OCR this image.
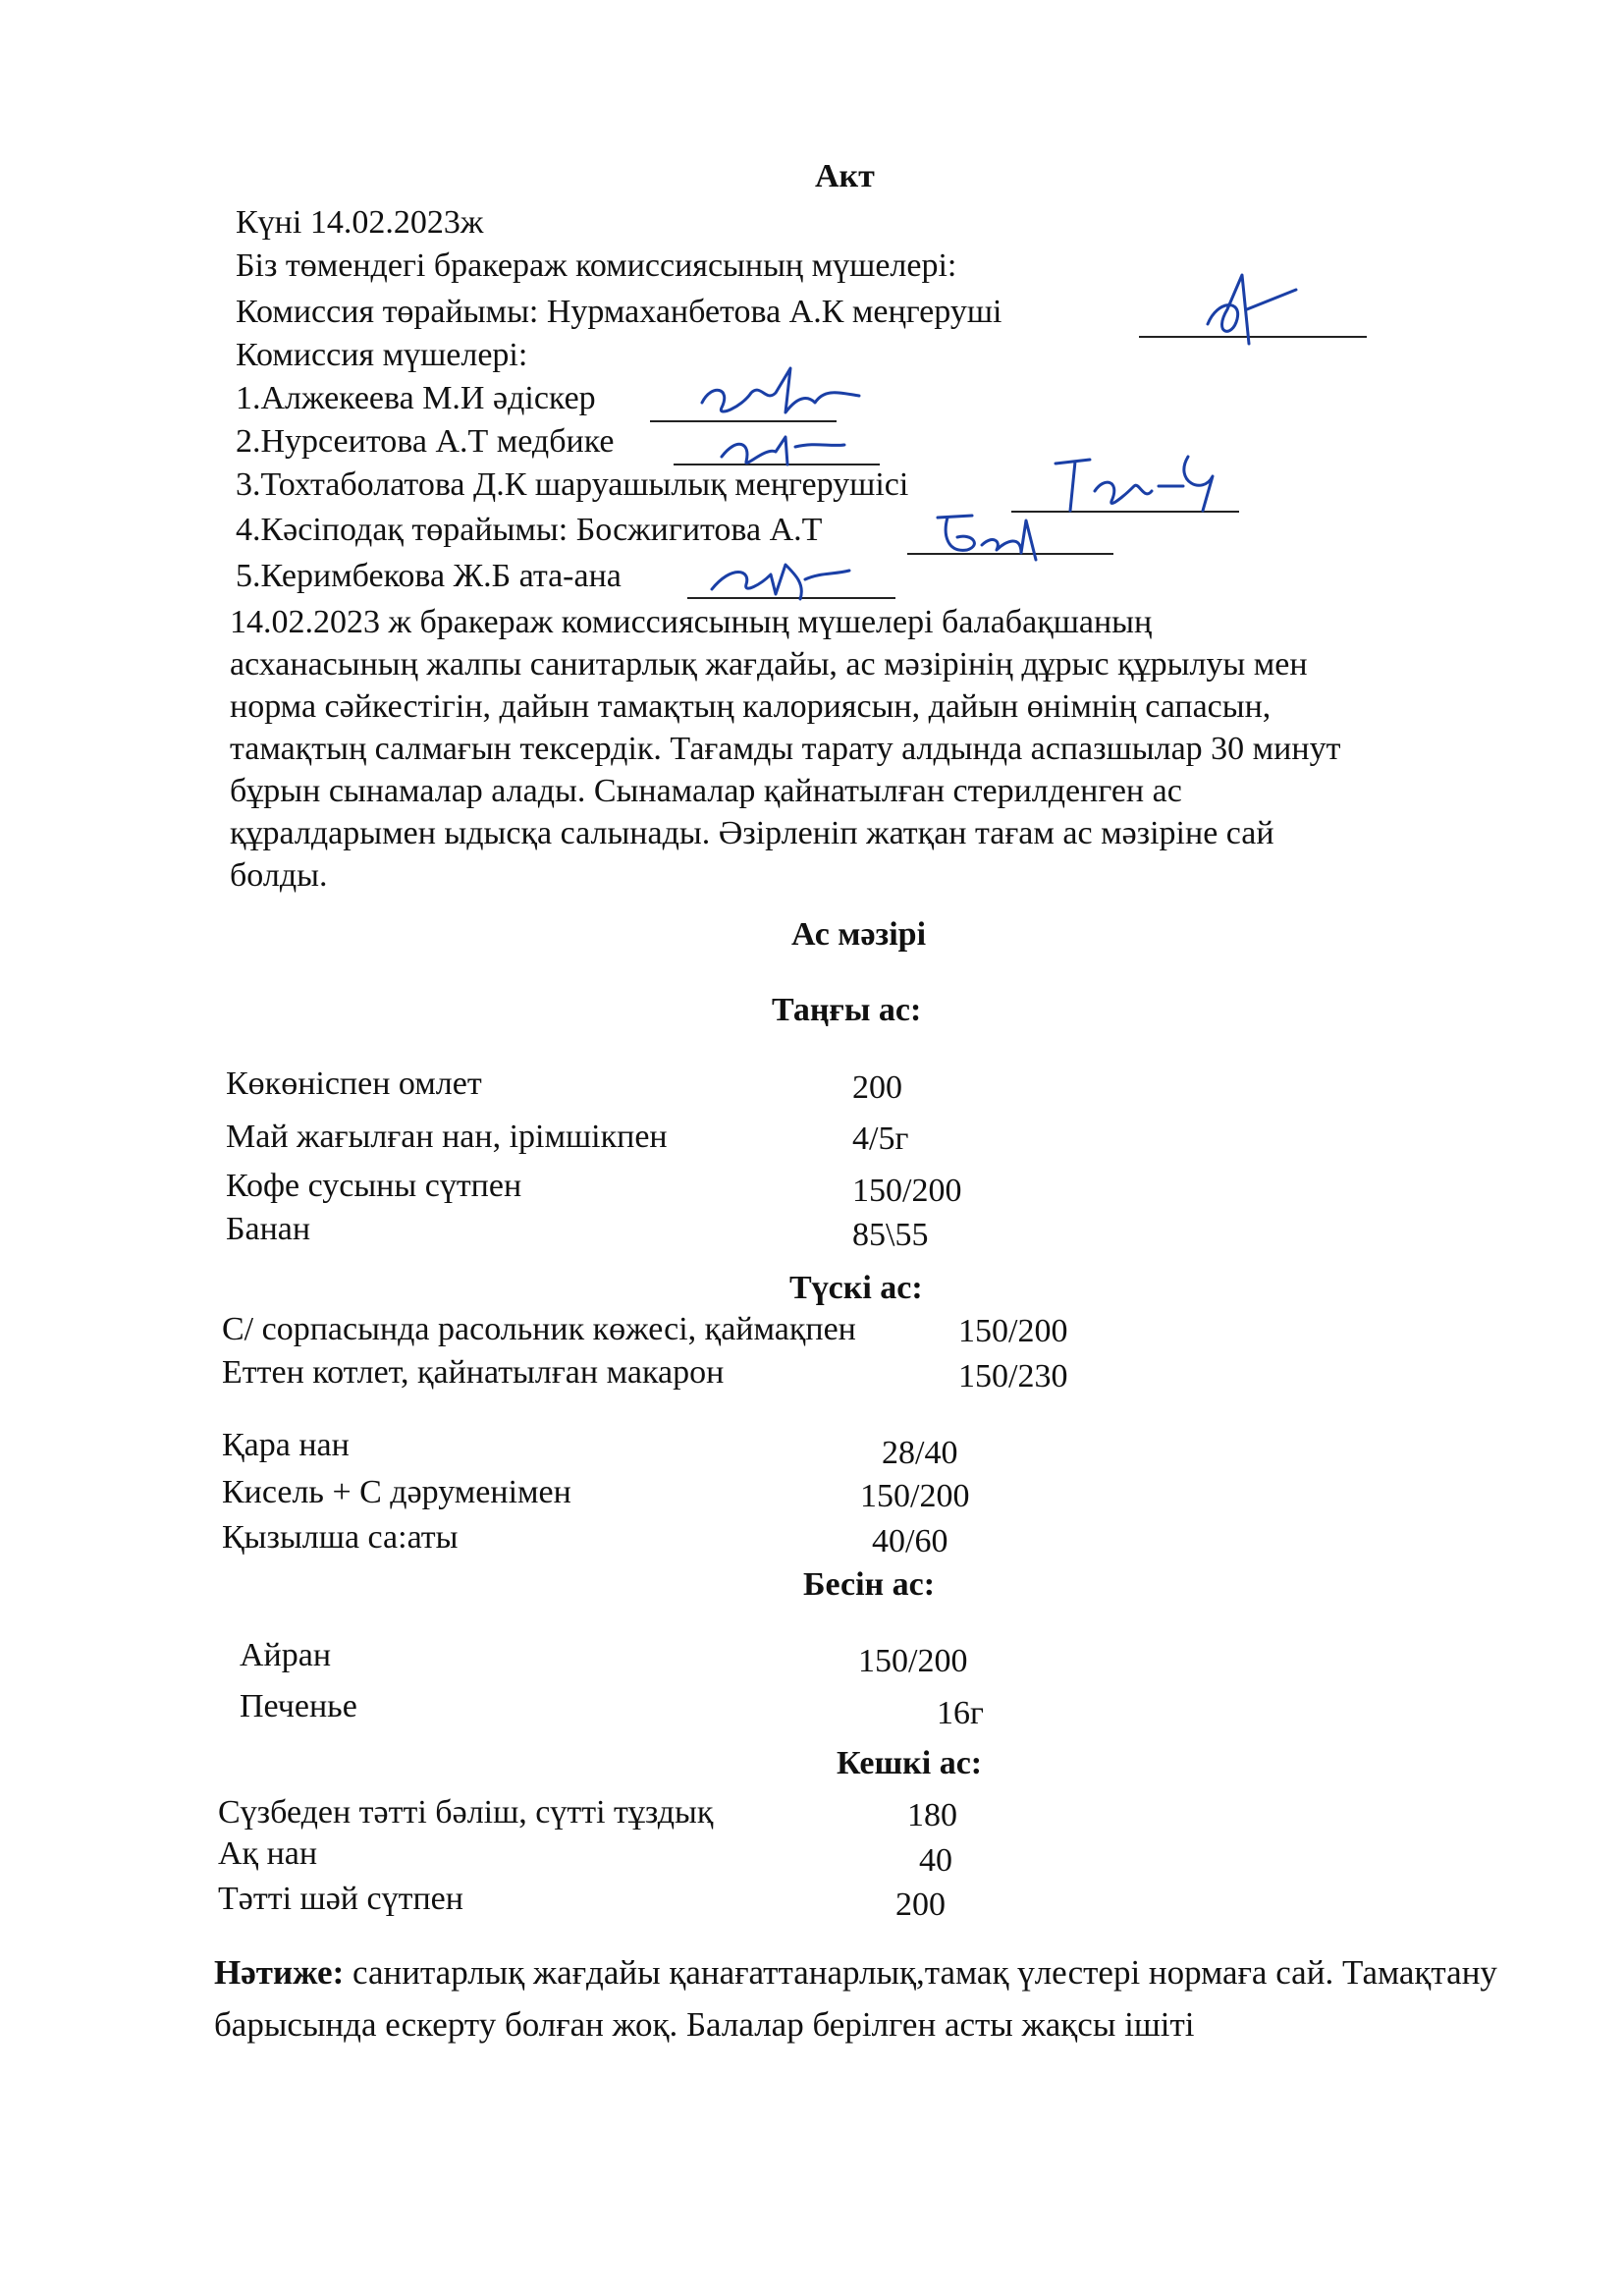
Акт
Күні 14.02.2023ж
Біз төмендегі бракераж комиссиясының мүшелері:
Комиссия төрайымы: Нурмаханбетова А.К меңгеруші
Комиссия мүшелері:
1.Алжекеева М.И әдіскер
2.Нурсеитова А.Т медбике
3.Тохтаболатова Д.К шаруашылық меңгерушісі
4.Кәсіподақ төрайымы: Босжигитова А.Т
5.Керимбекова Ж.Б ата-ана
14.02.2023 ж бракераж комиссиясының мүшелері балабақшаның
асханасының жалпы санитарлық жағдайы, ас мәзірінің дұрыс құрылуы мен
норма сәйкестігін, дайын тамақтың калориясын, дайын өнімнің сапасын,
тамақтың салмағын тексердік. Тағамды тарату алдында аспазшылар 30 минут
бұрын сынамалар алады. Сынамалар қайнатылған стерилденген ас
құралдарымен ыдысқа салынады. Әзірленіп жатқан тағам ас мәзіріне сай
болды.
Ас мәзірі
Таңғы ас:
Көкөніспен омлет	200
Май жағылған нан, ірімшікпен	4/5г
Кофе сусыны сүтпен	150/200
Банан	85\55
Түскі ас:
С/ сорпасында расольник көжесі, қаймақпен	150/200
Еттен котлет, қайнатылған макарон	150/230
Қара нан	28/40
Кисель + С дәруменімен	150/200
Қызылша са:аты	40/60
Бесін ас:
Айран	150/200
Печенье	16г
Кешкі ас:
Сүзбеден тәтті бәліш, сүтті тұздық	180
Ақ нан	40
Тәтті шәй сүтпен	200
Нәтиже: санитарлық жағдайы қанағаттанарлық,тамақ үлестері нормаға сай. Тамақтану барысында ескерту болған жоқ. Балалар берілген асты жақсы ішіті
